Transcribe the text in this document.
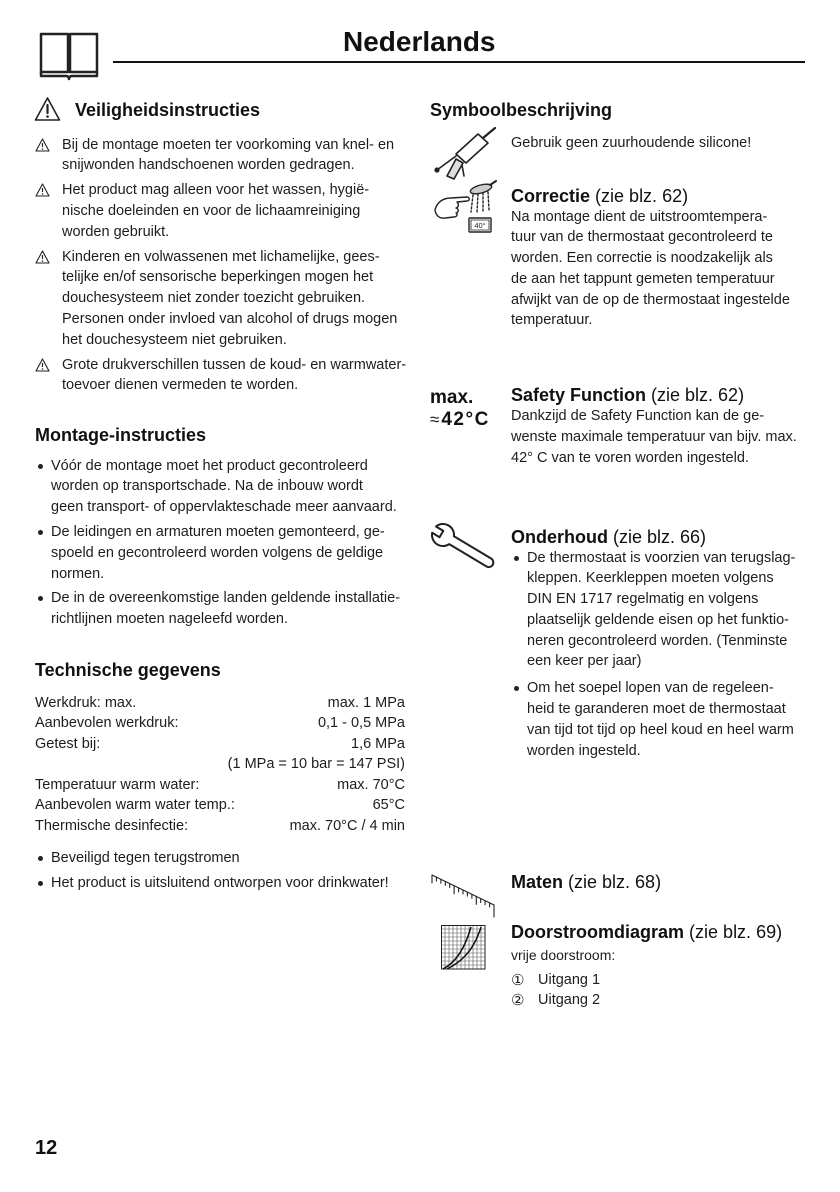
Nederlands
Veiligheidsinstructies
Bij de montage moeten ter voorkoming van knel- en
snijwonden handschoenen worden gedragen.
Het product mag alleen voor het wassen, hygië-
nische doeleinden en voor de lichaamreiniging
worden gebruikt.
Kinderen en volwassenen met lichamelijke, gees-
telijke en/of sensorische beperkingen mogen het
douchesysteem niet zonder toezicht gebruiken.
Personen onder invloed van alcohol of drugs mogen
het douchesysteem niet gebruiken.
Grote drukverschillen tussen de koud- en warmwater-
toevoer dienen vermeden te worden.
Montage-instructies
Vóór de montage moet het product gecontroleerd
worden op transportschade. Na de inbouw wordt
geen transport- of oppervlakteschade meer aanvaard.
De leidingen en armaturen moeten gemonteerd, ge-
spoeld en gecontroleerd worden volgens de geldige
normen.
De in de overeenkomstige landen geldende installatie-
richtlijnen moeten nageleefd worden.
Technische gegevens
Werkdruk: max.	max. 1 MPa
Aanbevolen werkdruk:	0,1 - 0,5 MPa
Getest bij:	1,6 MPa
(1 MPa = 10 bar = 147 PSI)
Temperatuur warm water:	max. 70°C
Aanbevolen warm water temp.:	65°C
Thermische desinfectie:	max. 70°C / 4 min
Beveiligd tegen terugstromen
Het product is uitsluitend ontworpen voor drinkwater!
Symboolbeschrijving
Gebruik geen zuurhoudende silicone!
40°
Correctie (zie blz. 62)
Na montage dient de uitstroomtempera-
tuur van de thermostaat gecontroleerd te
worden. Een correctie is noodzakelijk als
de aan het tappunt gemeten temperatuur
afwijkt van de op de thermostaat ingestelde
temperatuur.
max.
≈ 42°C
Safety Function (zie blz. 62)
Dankzijd de Safety Function kan de ge-
wenste maximale temperatuur van bijv. max.
42° C van te voren worden ingesteld.
Onderhoud (zie blz. 66)
De thermostaat is voorzien van terugslag-
kleppen. Keerkleppen moeten volgens
DIN EN 1717 regelmatig en volgens
plaatselijk geldende eisen op het funktio-
neren gecontroleerd worden. (Tenminste
een keer per jaar)
Om het soepel lopen van de regeleen-
heid te garanderen moet de thermostaat
van tijd tot tijd op heel koud en heel warm
worden ingesteld.
Maten (zie blz. 68)
Doorstroomdiagram (zie blz. 69)
vrije doorstroom:
① Uitgang 1
② Uitgang 2
12
